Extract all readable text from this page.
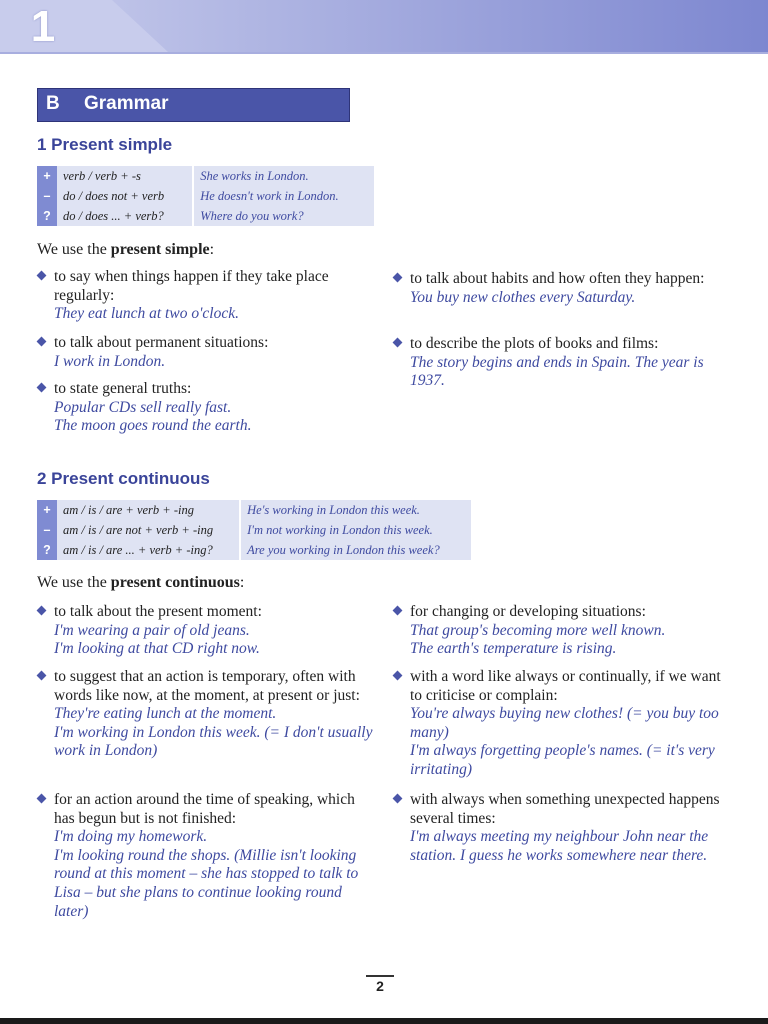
1
B Grammar
1 Present simple
+	verb / verb + -s	She works in London.
–	do / does not + verb	He doesn't work in London.
?	do / does ... + verb?	Where do you work?
We use the present simple:
to say when things happen if they take place regularly:
They eat lunch at two o'clock.
to talk about permanent situations:
I work in London.
to state general truths:
Popular CDs sell really fast.
The moon goes round the earth.
to talk about habits and how often they happen:
You buy new clothes every Saturday.
to describe the plots of books and films:
The story begins and ends in Spain. The year is 1937.
2 Present continuous
+	am / is / are + verb + -ing	He's working in London this week.
–	am / is / are not + verb + -ing	I'm not working in London this week.
?	am / is / are ... + verb + -ing?	Are you working in London this week?
We use the present continuous:
to talk about the present moment:
I'm wearing a pair of old jeans.
I'm looking at that CD right now.
to suggest that an action is temporary, often with words like now, at the moment, at present or just:
They're eating lunch at the moment.
I'm working in London this week. (= I don't usually work in London)
for an action around the time of speaking, which has begun but is not finished:
I'm doing my homework.
I'm looking round the shops. (Millie isn't looking round at this moment – she has stopped to talk to Lisa – but she plans to continue looking round later)
for changing or developing situations:
That group's becoming more well known.
The earth's temperature is rising.
with a word like always or continually, if we want to criticise or complain:
You're always buying new clothes! (= you buy too many)
I'm always forgetting people's names. (= it's very irritating)
with always when something unexpected happens several times:
I'm always meeting my neighbour John near the station. I guess he works somewhere near there.
2
